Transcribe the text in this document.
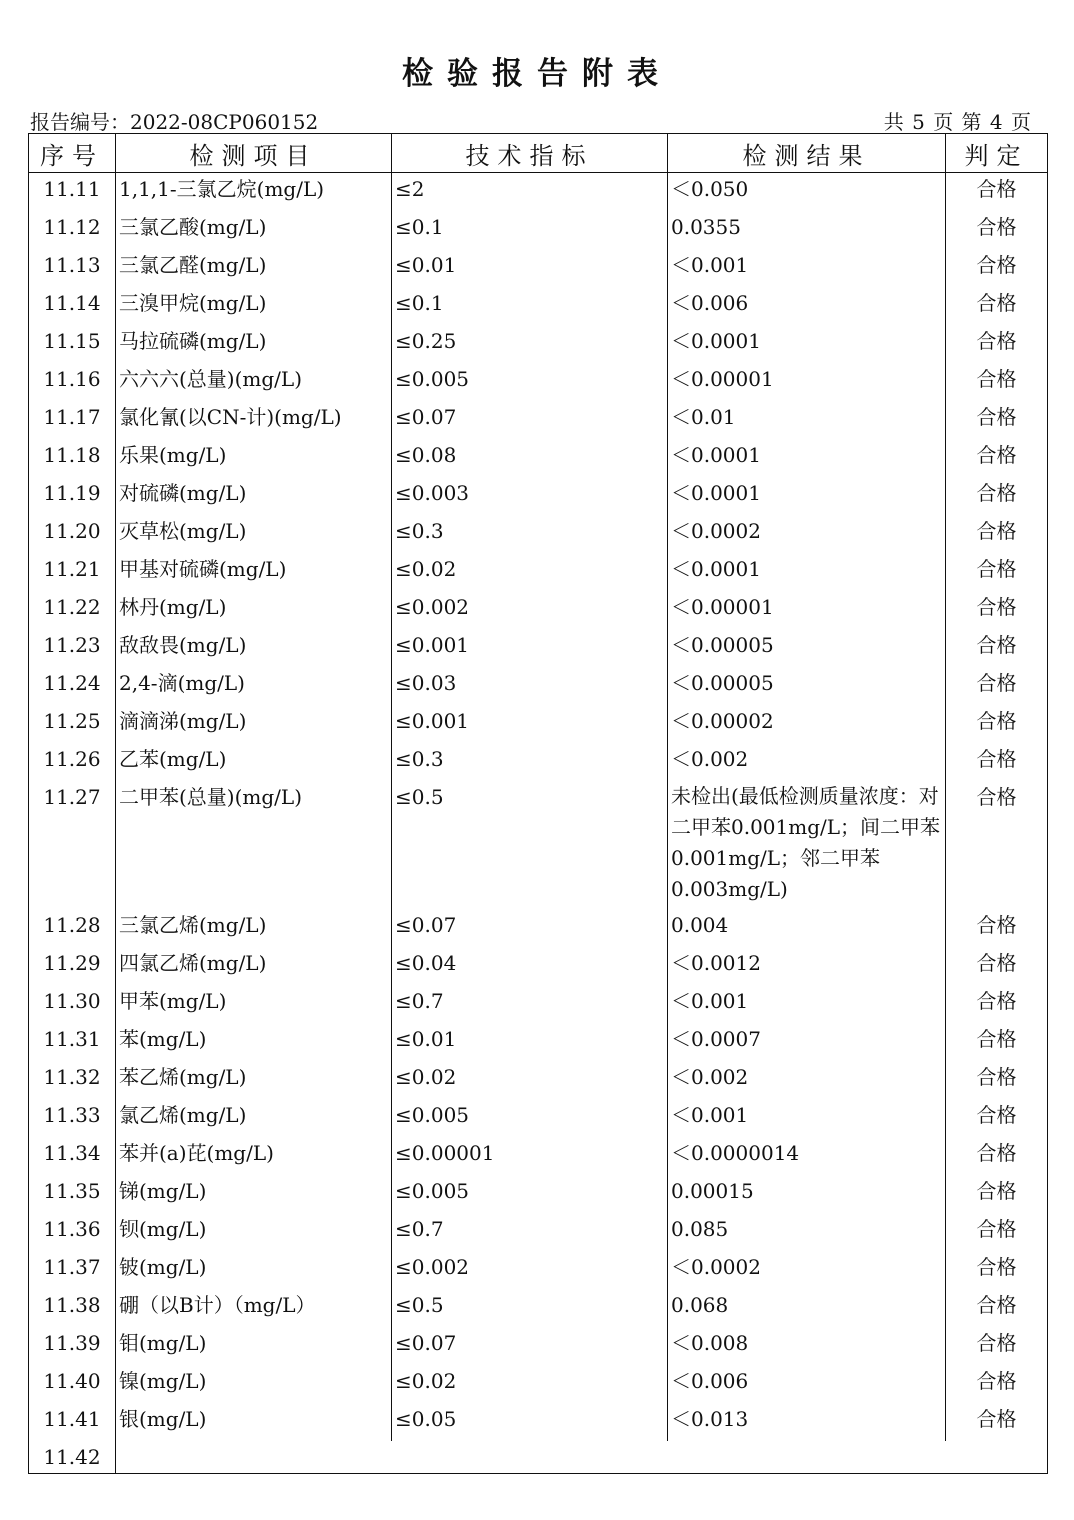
检验报告附表
报告编号：2022-08CP060152	共 5 页 第 4 页
序号	检测项目	技术指标	检测结果	判定
11.11	1,1,1-三氯乙烷(mg/L)	≤2	＜0.050	合格
11.12	三氯乙酸(mg/L)	≤0.1	0.0355	合格
11.13	三氯乙醛(mg/L)	≤0.01	＜0.001	合格
11.14	三溴甲烷(mg/L)	≤0.1	＜0.006	合格
11.15	马拉硫磷(mg/L)	≤0.25	＜0.0001	合格
11.16	六六六(总量)(mg/L)	≤0.005	＜0.00001	合格
11.17	氯化氰(以CN-计)(mg/L)	≤0.07	＜0.01	合格
11.18	乐果(mg/L)	≤0.08	＜0.0001	合格
11.19	对硫磷(mg/L)	≤0.003	＜0.0001	合格
11.20	灭草松(mg/L)	≤0.3	＜0.0002	合格
11.21	甲基对硫磷(mg/L)	≤0.02	＜0.0001	合格
11.22	林丹(mg/L)	≤0.002	＜0.00001	合格
11.23	敌敌畏(mg/L)	≤0.001	＜0.00005	合格
11.24	2,4-滴(mg/L)	≤0.03	＜0.00005	合格
11.25	滴滴涕(mg/L)	≤0.001	＜0.00002	合格
11.26	乙苯(mg/L)	≤0.3	＜0.002	合格
11.27	二甲苯(总量)(mg/L)	≤0.5	未检出(最低检测质量浓度：对二甲苯0.001mg/L；间二甲苯0.001mg/L；邻二甲苯0.003mg/L)	合格
11.28	三氯乙烯(mg/L)	≤0.07	0.004	合格
11.29	四氯乙烯(mg/L)	≤0.04	＜0.0012	合格
11.30	甲苯(mg/L)	≤0.7	＜0.001	合格
11.31	苯(mg/L)	≤0.01	＜0.0007	合格
11.32	苯乙烯(mg/L)	≤0.02	＜0.002	合格
11.33	氯乙烯(mg/L)	≤0.005	＜0.001	合格
11.34	苯并(a)芘(mg/L)	≤0.00001	＜0.0000014	合格
11.35	锑(mg/L)	≤0.005	0.00015	合格
11.36	钡(mg/L)	≤0.7	0.085	合格
11.37	铍(mg/L)	≤0.002	＜0.0002	合格
11.38	硼（以B计）（mg/L）	≤0.5	0.068	合格
11.39	钼(mg/L)	≤0.07	＜0.008	合格
11.40	镍(mg/L)	≤0.02	＜0.006	合格
11.41	银(mg/L)	≤0.05	＜0.013	合格
11.42				
